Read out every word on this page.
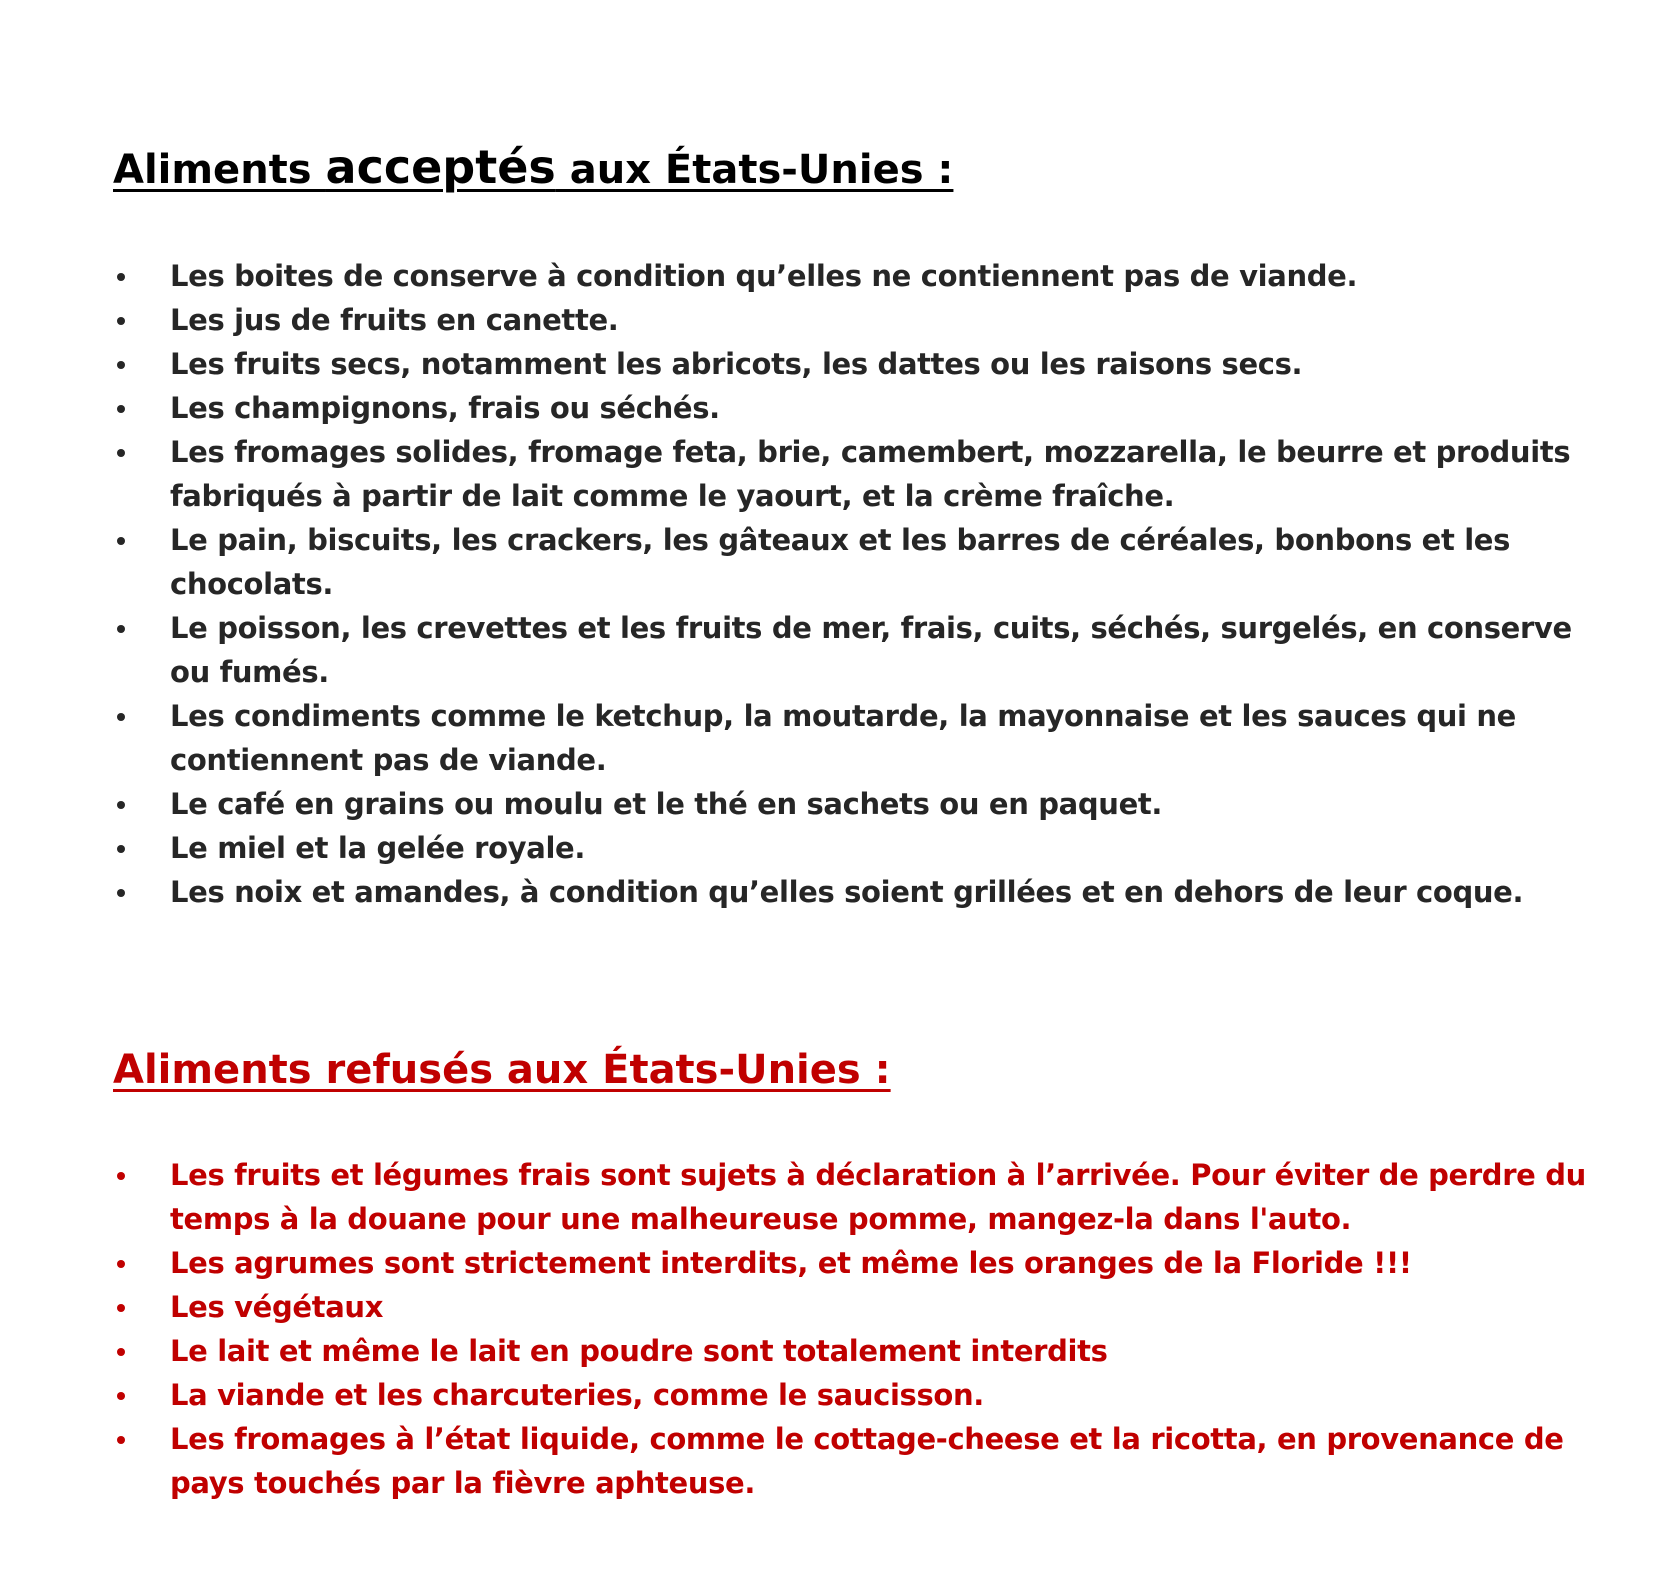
Aliments acceptés aux États-Unies :
Les boites de conserve à condition qu’elles ne contiennent pas de viande.
Les jus de fruits en canette.
Les fruits secs, notamment les abricots, les dattes ou les raisons secs.
Les champignons, frais ou séchés.
Les fromages solides, fromage feta, brie, camembert, mozzarella, le beurre et produits fabriqués à partir de lait comme le yaourt, et la crème fraîche.
Le pain, biscuits, les crackers, les gâteaux et les barres de céréales, bonbons et les chocolats.
Le poisson, les crevettes et les fruits de mer, frais, cuits, séchés, surgelés, en conserve ou fumés.
Les condiments comme le ketchup, la moutarde, la mayonnaise et les sauces qui ne contiennent pas de viande.
Le café en grains ou moulu et le thé en sachets ou en paquet.
Le miel et la gelée royale.
Les noix et amandes, à condition qu’elles soient grillées et en dehors de leur coque.
Aliments refusés aux États-Unies :
Les fruits et légumes frais sont sujets à déclaration à l’arrivée. Pour éviter de perdre du temps à la douane pour une malheureuse pomme, mangez-la dans l'auto.
Les agrumes sont strictement interdits, et même les oranges de la Floride !!!
Les végétaux
Le lait et même le lait en poudre sont totalement interdits
La viande et les charcuteries, comme le saucisson.
Les fromages à l’état liquide, comme le cottage-cheese et la ricotta, en provenance de pays touchés par la fièvre aphteuse.
